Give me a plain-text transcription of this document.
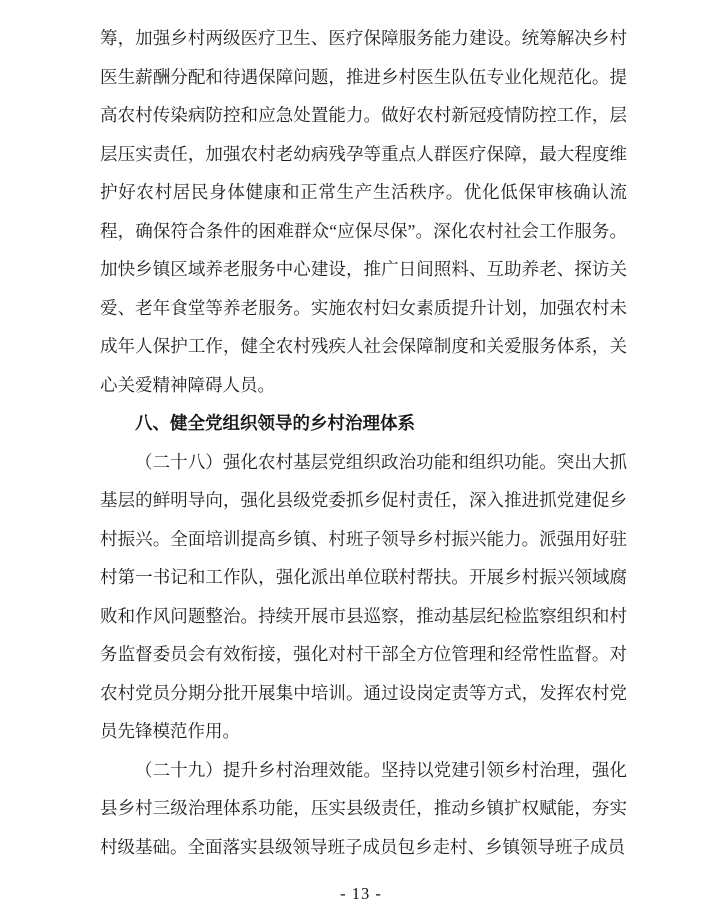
筹，加强乡村两级医疗卫生、医疗保障服务能力建设。统筹解决乡村医生薪酬分配和待遇保障问题，推进乡村医生队伍专业化规范化。提高农村传染病防控和应急处置能力。做好农村新冠疫情防控工作，层层压实责任，加强农村老幼病残孕等重点人群医疗保障，最大程度维护好农村居民身体健康和正常生产生活秩序。优化低保审核确认流程，确保符合条件的困难群众“应保尽保”。深化农村社会工作服务。加快乡镇区域养老服务中心建设，推广日间照料、互助养老、探访关爱、老年食堂等养老服务。实施农村妇女素质提升计划，加强农村未成年人保护工作，健全农村残疾人社会保障制度和关爱服务体系，关心关爱精神障碍人员。

八、健全党组织领导的乡村治理体系

（二十八）强化农村基层党组织政治功能和组织功能。突出大抓基层的鲜明导向，强化县级党委抓乡促村责任，深入推进抓党建促乡村振兴。全面培训提高乡镇、村班子领导乡村振兴能力。派强用好驻村第一书记和工作队，强化派出单位联村帮扶。开展乡村振兴领域腐败和作风问题整治。持续开展市县巡察，推动基层纪检监察组织和村务监督委员会有效衔接，强化对村干部全方位管理和经常性监督。对农村党员分期分批开展集中培训。通过设岗定责等方式，发挥农村党员先锋模范作用。

（二十九）提升乡村治理效能。坚持以党建引领乡村治理，强化县乡村三级治理体系功能，压实县级责任，推动乡镇扩权赋能，夯实村级基础。全面落实县级领导班子成员包乡走村、乡镇领导班子成员

- 13 -
